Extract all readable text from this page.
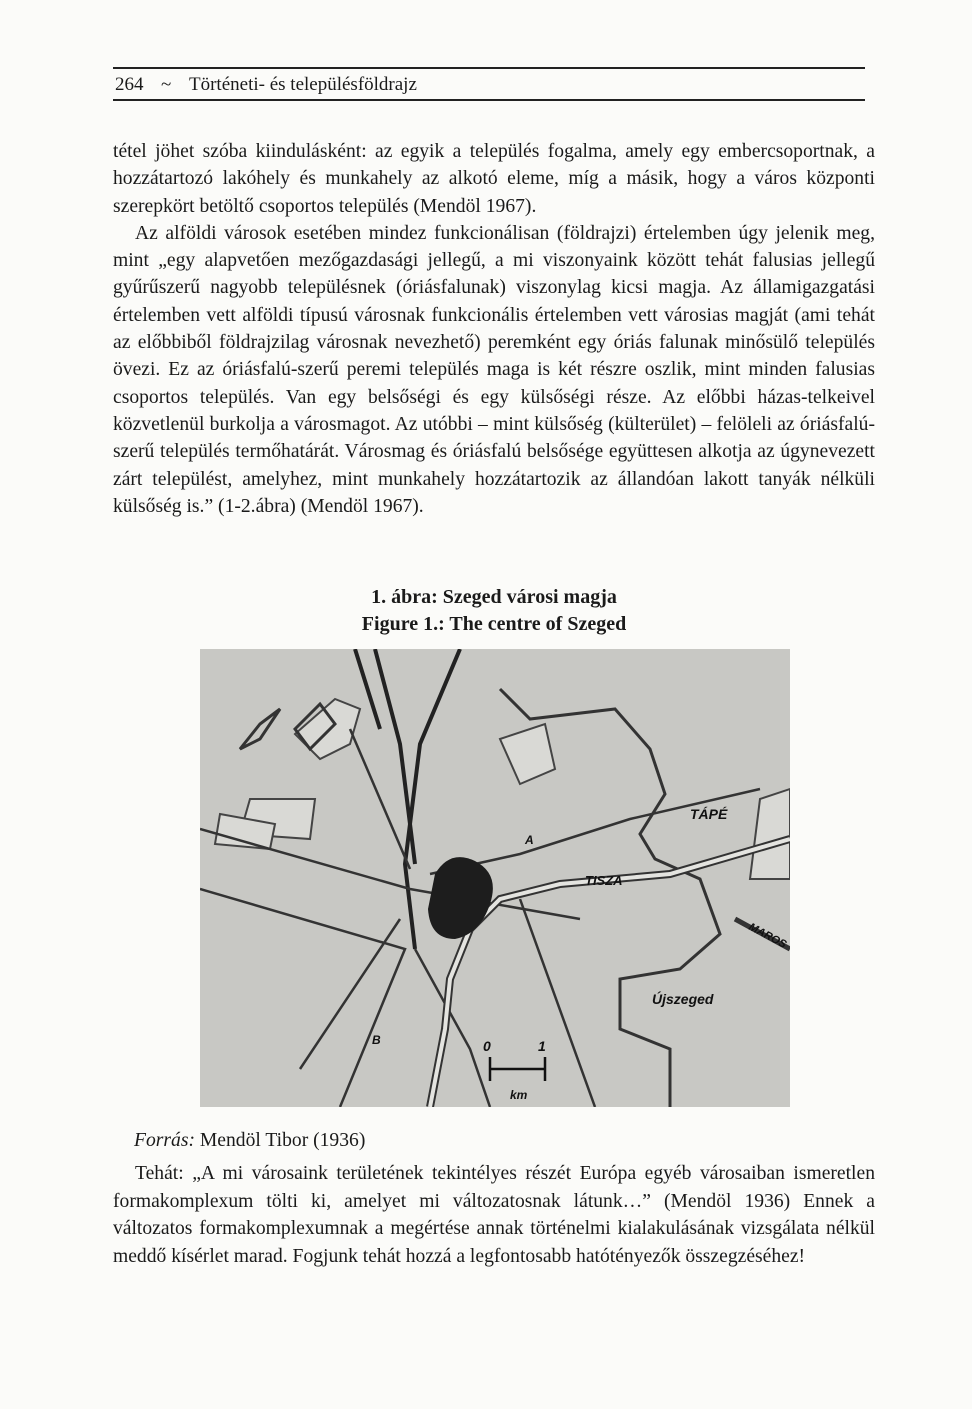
264 ~ Történeti- és településföldrajz

tétel jöhet szóba kiindulásként: az egyik a település fogalma, amely egy embercsoportnak, a hozzátartozó lakóhely és munkahely az alkotó eleme, míg a másik, hogy a város központi szerepkört betöltő csoportos település (Mendöl 1967).

Az alföldi városok esetében mindez funkcionálisan (földrajzi) értelemben úgy jelenik meg, mint „egy alapvetően mezőgazdasági jellegű, a mi viszonyaink között tehát falusias jellegű gyűrűszerű nagyobb településnek (óriásfalunak) viszonylag kicsi magja. Az államigazgatási értelemben vett alföldi típusú városnak funkcionális értelemben vett városias magját (ami tehát az előbbiből földrajzilag városnak nevezhető) peremként egy óriás falunak minősülő település övezi. Ez az óriásfalú-szerű peremi település maga is két részre oszlik, mint minden falusias csoportos település. Van egy belsőségi és egy külsőségi része. Az előbbi házas-telkeivel közvetlenül burkolja a városmagot. Az utóbbi – mint külsőség (külterület) – felöleli az óriásfalú-szerű település termőhatárát. Városmag és óriásfalú belsősége együttesen alkotja az úgynevezett zárt települést, amelyhez, mint munkahely hozzátartozik az állandóan lakott tanyák nélküli külsőség is.” (1-2.ábra) (Mendöl 1967).

1. ábra: Szeged városi magja
Figure 1.: The centre of Szeged
TÁPÉ
TISZA
MAROS
Újszeged
A
B	0	1
km
Forrás: Mendöl Tibor (1936)

Tehát: „A mi városaink területének tekintélyes részét Európa egyéb városaiban ismeretlen formakomplexum tölti ki, amelyet mi változatosnak látunk…” (Mendöl 1936) Ennek a változatos formakomplexumnak a megértése annak történelmi kialakulásának vizsgálata nélkül meddő kísérlet marad. Fogjunk tehát hozzá a legfontosabb hatótényezők összegzéséhez!
